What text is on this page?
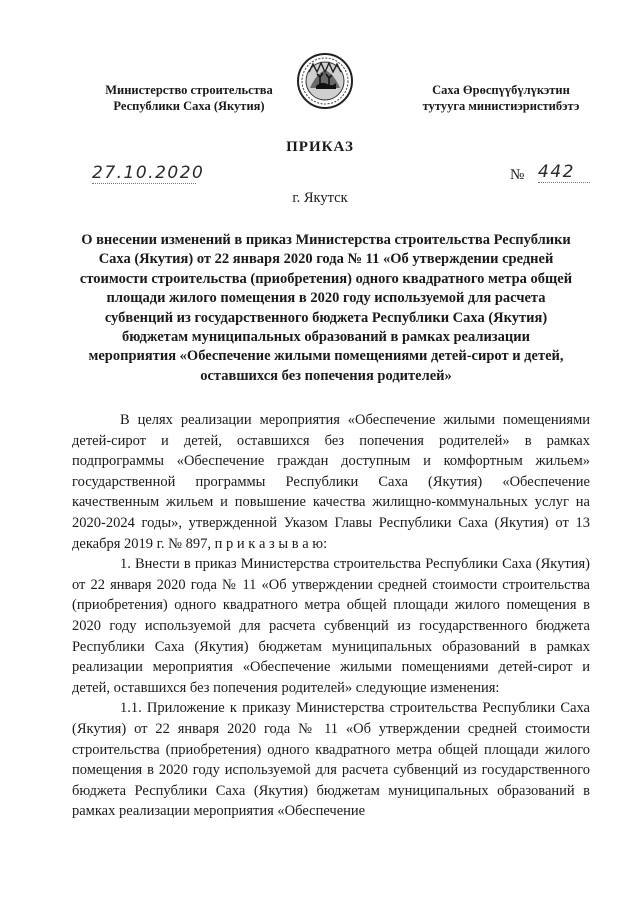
Министерство строительства
Республики Саха (Якутия)
Саха Өрөспүүбүлүкэтин
тутууга министиэристибэтэ
ПРИКАЗ
27.10.2020	№ 442
г. Якутск
О внесении изменений в приказ Министерства строительства Республики
Саха (Якутия) от 22 января 2020 года № 11 «Об утверждении средней
стоимости строительства (приобретения) одного квадратного метра общей
площади жилого помещения в 2020 году используемой для расчета
субвенций из государственного бюджета Республики Саха (Якутия)
бюджетам муниципальных образований в рамках реализации
мероприятия «Обеспечение жилыми помещениями детей-сирот и детей,
оставшихся без попечения родителей»

В целях реализации мероприятия «Обеспечение жилыми помещениями детей-сирот и детей, оставшихся без попечения родителей» в рамках подпрограммы «Обеспечение граждан доступным и комфортным жильем» государственной программы Республики Саха (Якутия) «Обеспечение качественным жильем и повышение качества жилищно-коммунальных услуг на 2020-2024 годы», утвержденной Указом Главы Республики Саха (Якутия) от 13 декабря 2019 г. № 897, п р и к а з ы в а ю:

1. Внести в приказ Министерства строительства Республики Саха (Якутия) от 22 января 2020 года № 11 «Об утверждении средней стоимости строительства (приобретения) одного квадратного метра общей площади жилого помещения в 2020 году используемой для расчета субвенций из государственного бюджета Республики Саха (Якутия) бюджетам муниципальных образований в рамках реализации мероприятия «Обеспечение жилыми помещениями детей-сирот и детей, оставшихся без попечения родителей» следующие изменения:

1.1. Приложение к приказу Министерства строительства Республики Саха (Якутия) от 22 января 2020 года № 11 «Об утверждении средней стоимости строительства (приобретения) одного квадратного метра общей площади жилого помещения в 2020 году используемой для расчета субвенций из государственного бюджета Республики Саха (Якутия) бюджетам муниципальных образований в рамках реализации мероприятия «Обеспечение
